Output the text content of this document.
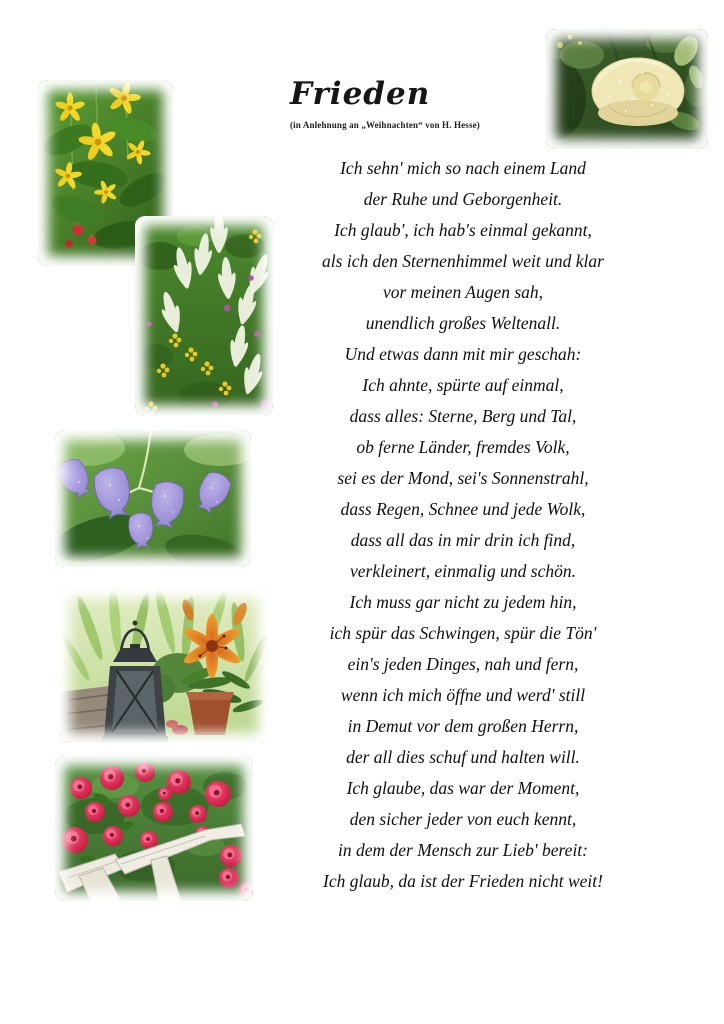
Frieden

(in Anlehnung an „Weihnachten“ von H. Hesse)

Ich sehn' mich so nach einem Land

der Ruhe und Geborgenheit.

Ich glaub', ich hab's einmal gekannt,

als ich den Sternenhimmel weit und klar

vor meinen Augen sah,

unendlich großes Weltenall.

Und etwas dann mit mir geschah:

Ich ahnte, spürte auf einmal,

dass alles: Sterne, Berg und Tal,

ob ferne Länder, fremdes Volk,

sei es der Mond, sei's Sonnenstrahl,

dass Regen, Schnee und jede Wolk,

dass all das in mir drin ich find,

verkleinert, einmalig und schön.

Ich muss gar nicht zu jedem hin,

ich spür das Schwingen, spür die Tön'

ein's jeden Dinges, nah und fern,

wenn ich mich öffne und werd' still

in Demut vor dem großen Herrn,

der all dies schuf und halten will.

Ich glaube, das war der Moment,

den sicher jeder von euch kennt,

in dem der Mensch zur Lieb' bereit:

Ich glaub, da ist der Frieden nicht weit!
